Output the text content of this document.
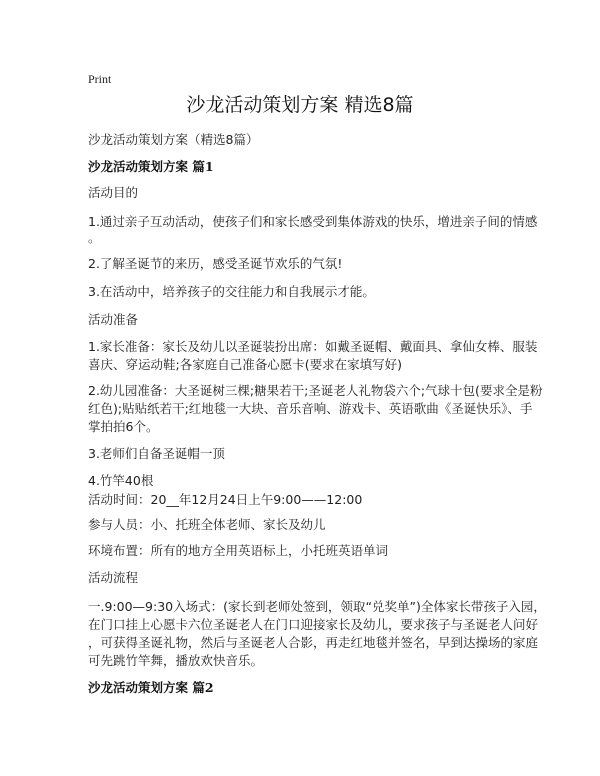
Print
沙龙活动策划方案 精选8篇
沙龙活动策划方案（精选8篇）
沙龙活动策划方案 篇1
活动目的
1.通过亲子互动活动，使孩子们和家长感受到集体游戏的快乐，增进亲子间的情感
。
2.了解圣诞节的来历，感受圣诞节欢乐的气氛!
3.在活动中，培养孩子的交往能力和自我展示才能。
活动准备
1.家长准备：家长及幼儿以圣诞装扮出席：如戴圣诞帽、戴面具、拿仙女棒、服装
喜庆、穿运动鞋;各家庭自己准备心愿卡(要求在家填写好)
2.幼儿园准备：大圣诞树三棵;糖果若干;圣诞老人礼物袋六个;气球十包(要求全是粉
红色);贴贴纸若干;红地毯一大块、音乐音响、游戏卡、英语歌曲《圣诞快乐》、手
掌拍拍6个。
3.老师们自备圣诞帽一顶
4.竹竿40根
活动时间：20__年12月24日上午9:00——12:00
参与人员：小、托班全体老师、家长及幼儿
环境布置：所有的地方全用英语标上，小托班英语单词
活动流程
一.9:00—9:30入场式：(家长到老师处签到，领取“兑奖单”)全体家长带孩子入园，
在门口挂上心愿卡六位圣诞老人在门口迎接家长及幼儿，要求孩子与圣诞老人问好
，可获得圣诞礼物，然后与圣诞老人合影，再走红地毯并签名，早到达操场的家庭
可先跳竹竿舞，播放欢快音乐。
沙龙活动策划方案 篇2
